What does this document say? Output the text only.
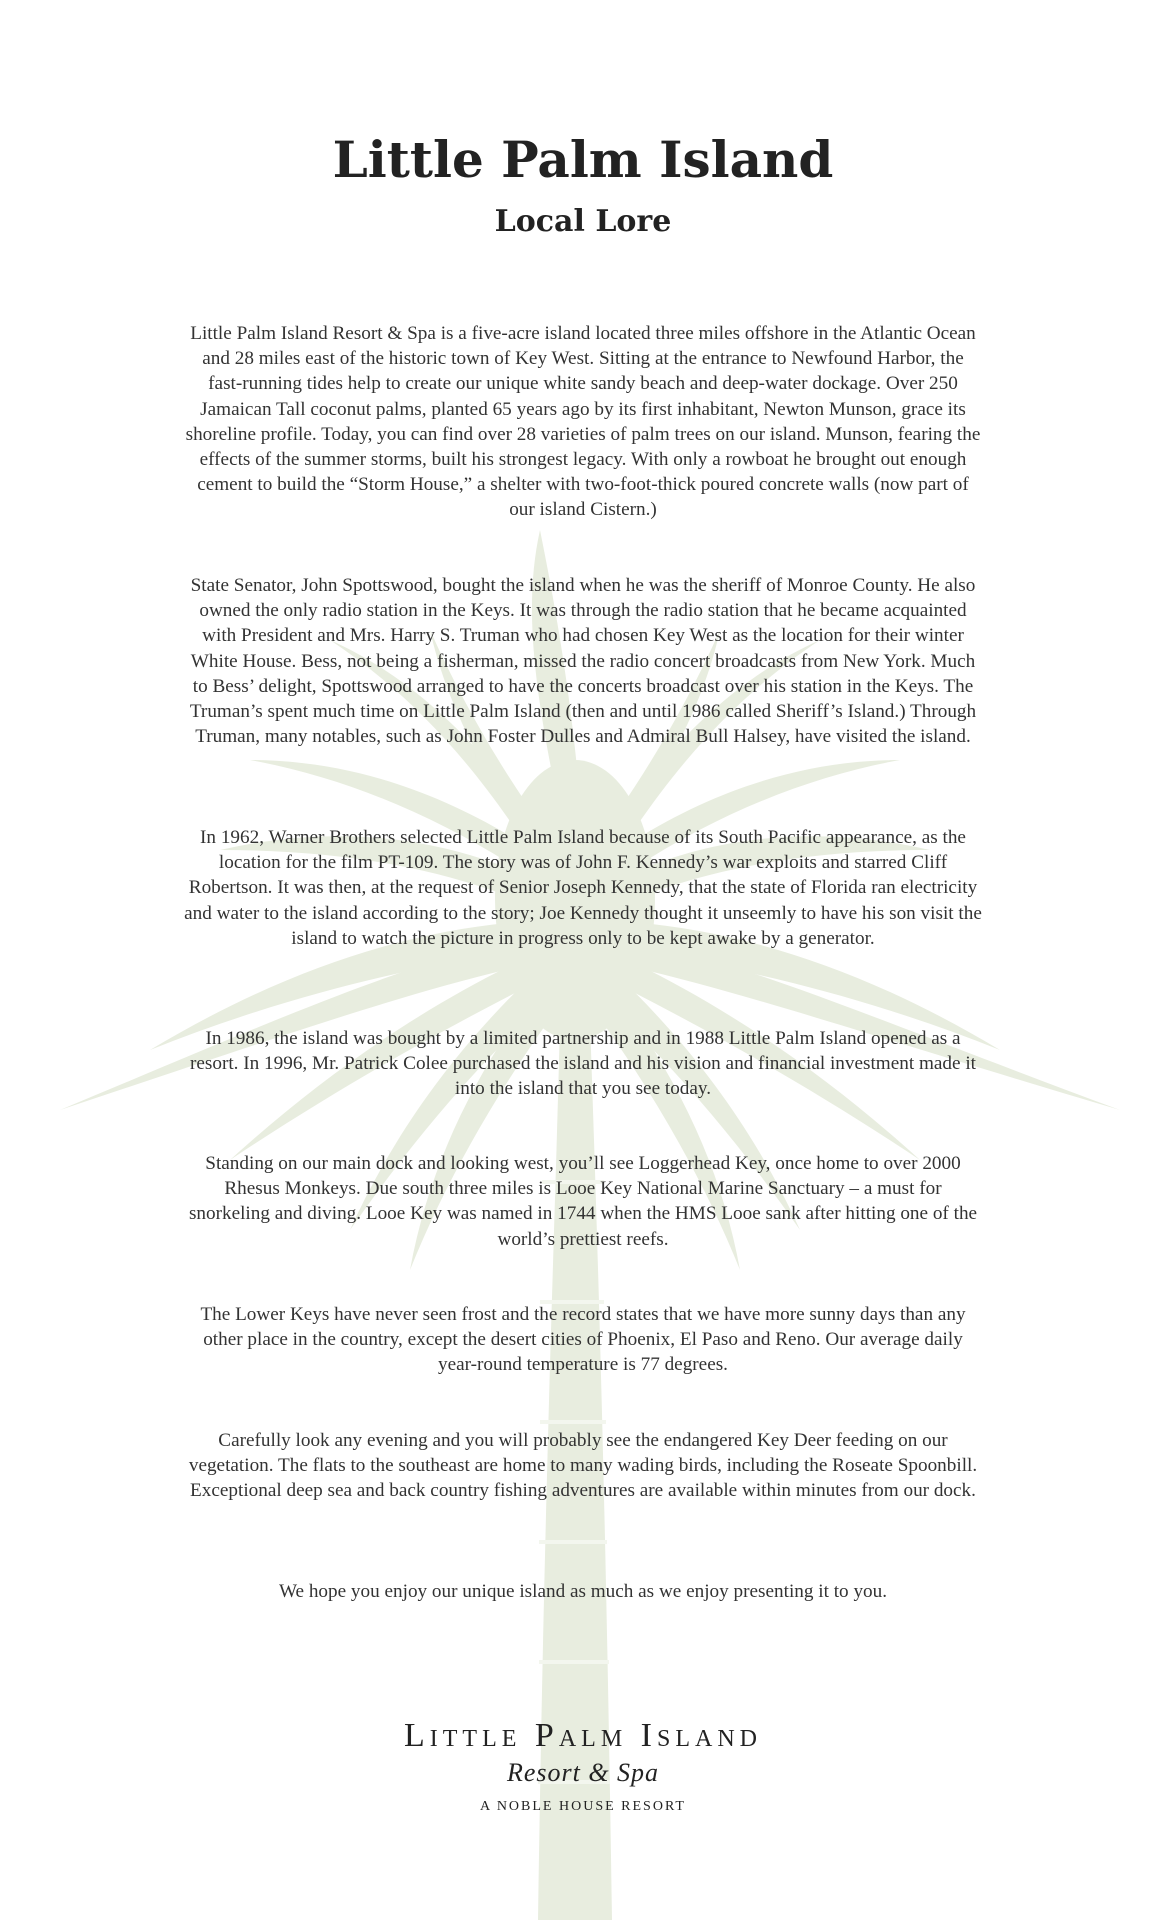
Little Palm Island
Local Lore

Little Palm Island Resort & Spa is a five-acre island located three miles offshore in the Atlantic Ocean and 28 miles east of the historic town of Key West. Sitting at the entrance to Newfound Harbor, the fast-running tides help to create our unique white sandy beach and deep-water dockage. Over 250 Jamaican Tall coconut palms, planted 65 years ago by its first inhabitant, Newton Munson, grace its shoreline profile. Today, you can find over 28 varieties of palm trees on our island. Munson, fearing the effects of the summer storms, built his strongest legacy. With only a rowboat he brought out enough cement to build the “Storm House,” a shelter with two-foot-thick poured concrete walls (now part of our island Cistern.)

State Senator, John Spottswood, bought the island when he was the sheriff of Monroe County. He also owned the only radio station in the Keys. It was through the radio station that he became acquainted with President and Mrs. Harry S. Truman who had chosen Key West as the location for their winter White House. Bess, not being a fisherman, missed the radio concert broadcasts from New York. Much to Bess’ delight, Spottswood arranged to have the concerts broadcast over his station in the Keys. The Truman’s spent much time on Little Palm Island (then and until 1986 called Sheriff’s Island.) Through Truman, many notables, such as John Foster Dulles and Admiral Bull Halsey, have visited the island.

In 1962, Warner Brothers selected Little Palm Island because of its South Pacific appearance, as the location for the film PT-109. The story was of John F. Kennedy’s war exploits and starred Cliff Robertson. It was then, at the request of Senior Joseph Kennedy, that the state of Florida ran electricity and water to the island according to the story; Joe Kennedy thought it unseemly to have his son visit the island to watch the picture in progress only to be kept awake by a generator.

In 1986, the island was bought by a limited partnership and in 1988 Little Palm Island opened as a resort. In 1996, Mr. Patrick Colee purchased the island and his vision and financial investment made it into the island that you see today.

Standing on our main dock and looking west, you’ll see Loggerhead Key, once home to over 2000 Rhesus Monkeys. Due south three miles is Looe Key National Marine Sanctuary – a must for snorkeling and diving. Looe Key was named in 1744 when the HMS Looe sank after hitting one of the world’s prettiest reefs.

The Lower Keys have never seen frost and the record states that we have more sunny days than any other place in the country, except the desert cities of Phoenix, El Paso and Reno. Our average daily year-round temperature is 77 degrees.

Carefully look any evening and you will probably see the endangered Key Deer feeding on our vegetation. The flats to the southeast are home to many wading birds, including the Roseate Spoonbill. Exceptional deep sea and back country fishing adventures are available within minutes from our dock.

We hope you enjoy our unique island as much as we enjoy presenting it to you.

Little Palm Island
Resort & Spa
A NOBLE HOUSE RESORT
